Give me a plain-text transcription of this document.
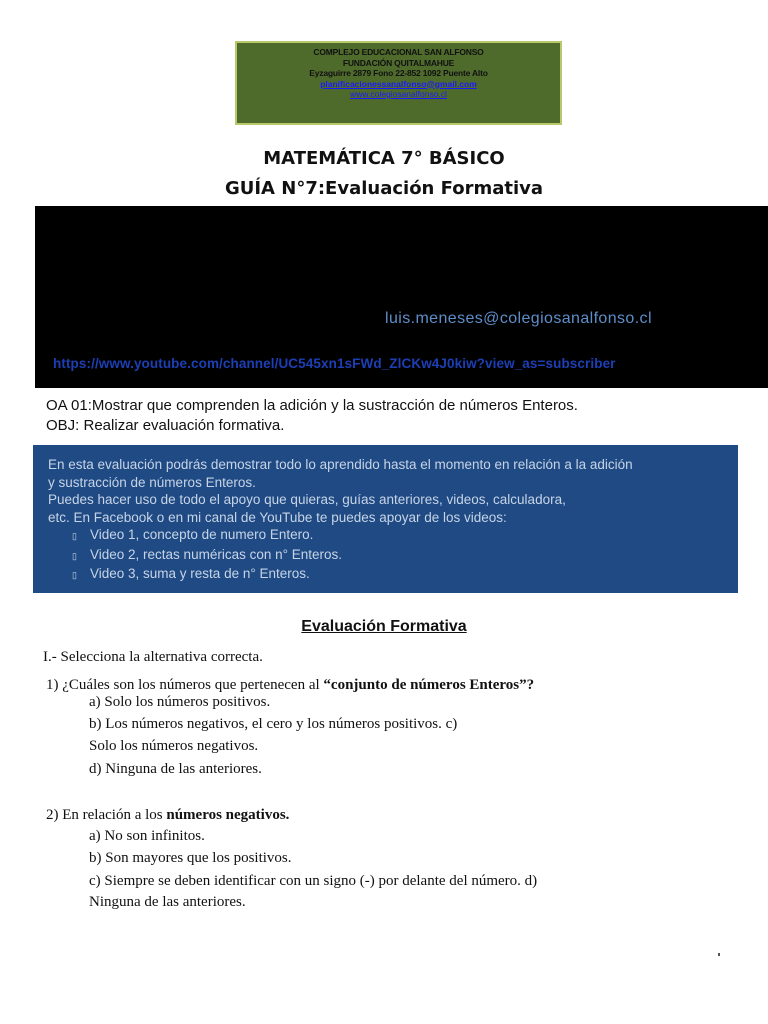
COMPLEJO EDUCACIONAL SAN ALFONSO
FUNDACIÓN QUITALMAHUE
Eyzaguirre 2879 Fono 22-852 1092 Puente Alto
planificacionessanalfonso@gmail.com
www.colegiosanalfonso.cl
MATEMÁTICA 7° BÁSICO
GUÍA N°7:Evaluación Formativa
luis.meneses@colegiosanalfonso.cl
https://www.youtube.com/channel/UC545xn1sFWd_ZlCKw4J0kiw?view_as=subscriber
OA 01:Mostrar que comprenden la adición y la sustracción de números Enteros.
OBJ: Realizar evaluación formativa.
En esta evaluación podrás demostrar todo lo aprendido hasta el momento en relación a la adición
y sustracción de números Enteros.
Puedes hacer uso de todo el apoyo que quieras, guías anteriores, videos, calculadora,
etc. En Facebook o en mi canal de YouTube te puedes apoyar de los videos:
▯ Video 1, concepto de numero Entero.
▯ Video 2, rectas numéricas con n° Enteros.
▯ Video 3, suma y resta de n° Enteros.
Evaluación Formativa
I.- Selecciona la alternativa correcta.
1) ¿Cuáles son los números que pertenecen al “conjunto de números Enteros”?
a) Solo los números positivos.
b) Los números negativos, el cero y los números positivos. c)
Solo los números negativos.
d) Ninguna de las anteriores.
2) En relación a los números negativos.
a) No son infinitos.
b) Son mayores que los positivos.
c) Siempre se deben identificar con un signo (-) por delante del número. d)
Ninguna de las anteriores.
